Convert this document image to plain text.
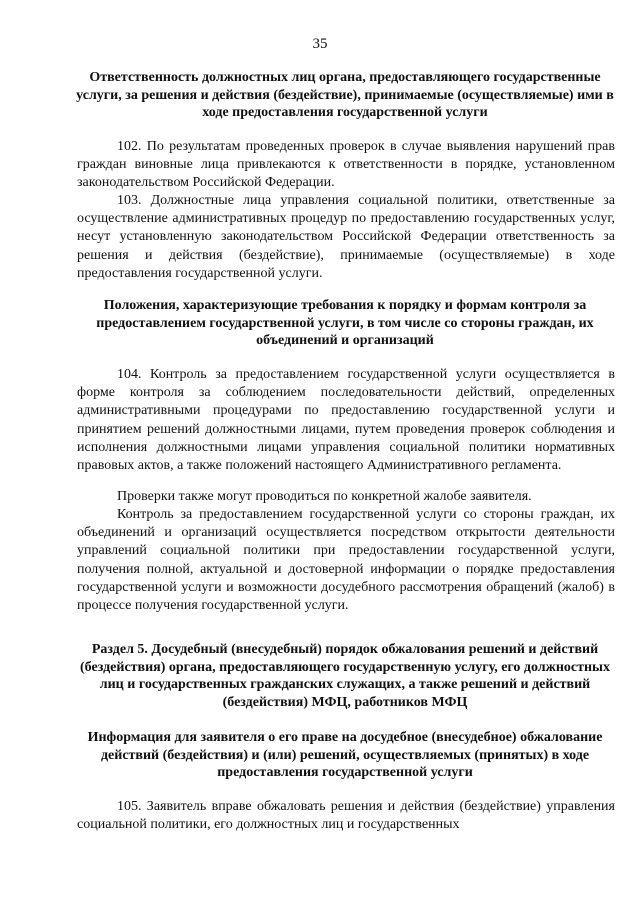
35
Ответственность должностных лиц органа, предоставляющего государственные услуги, за решения и действия (бездействие), принимаемые (осуществляемые) ими в ходе предоставления государственной услуги

102. По результатам проведенных проверок в случае выявления нарушений прав граждан виновные лица привлекаются к ответственности в порядке, установленном законодательством Российской Федерации.

103. Должностные лица управления социальной политики, ответственные за осуществление административных процедур по предоставлению государственных услуг, несут установленную законодательством Российской Федерации ответственность за решения и действия (бездействие), принимаемые (осуществляемые) в ходе предоставления государственной услуги.

Положения, характеризующие требования к порядку и формам контроля за предоставлением государственной услуги, в том числе со стороны граждан, их объединений и организаций

104. Контроль за предоставлением государственной услуги осуществляется в форме контроля за соблюдением последовательности действий, определенных административными процедурами по предоставлению государственной услуги и принятием решений должностными лицами, путем проведения проверок соблюдения и исполнения должностными лицами управления социальной политики нормативных правовых актов, а также положений настоящего Административного регламента.

Проверки также могут проводиться по конкретной жалобе заявителя.

Контроль за предоставлением государственной услуги со стороны граждан, их объединений и организаций осуществляется посредством открытости деятельности управлений социальной политики при предоставлении государственной услуги, получения полной, актуальной и достоверной информации о порядке предоставления государственной услуги и возможности досудебного рассмотрения обращений (жалоб) в процессе получения государственной услуги.

Раздел 5. Досудебный (внесудебный) порядок обжалования решений и действий (бездействия) органа, предоставляющего государственную услугу, его должностных лиц и государственных гражданских служащих, а также решений и действий (бездействия) МФЦ, работников МФЦ
Информация для заявителя о его праве на досудебное (внесудебное) обжалование действий (бездействия) и (или) решений, осуществляемых (принятых) в ходе предоставления государственной услуги

105. Заявитель вправе обжаловать решения и действия (бездействие) управления социальной политики, его должностных лиц и государственных
